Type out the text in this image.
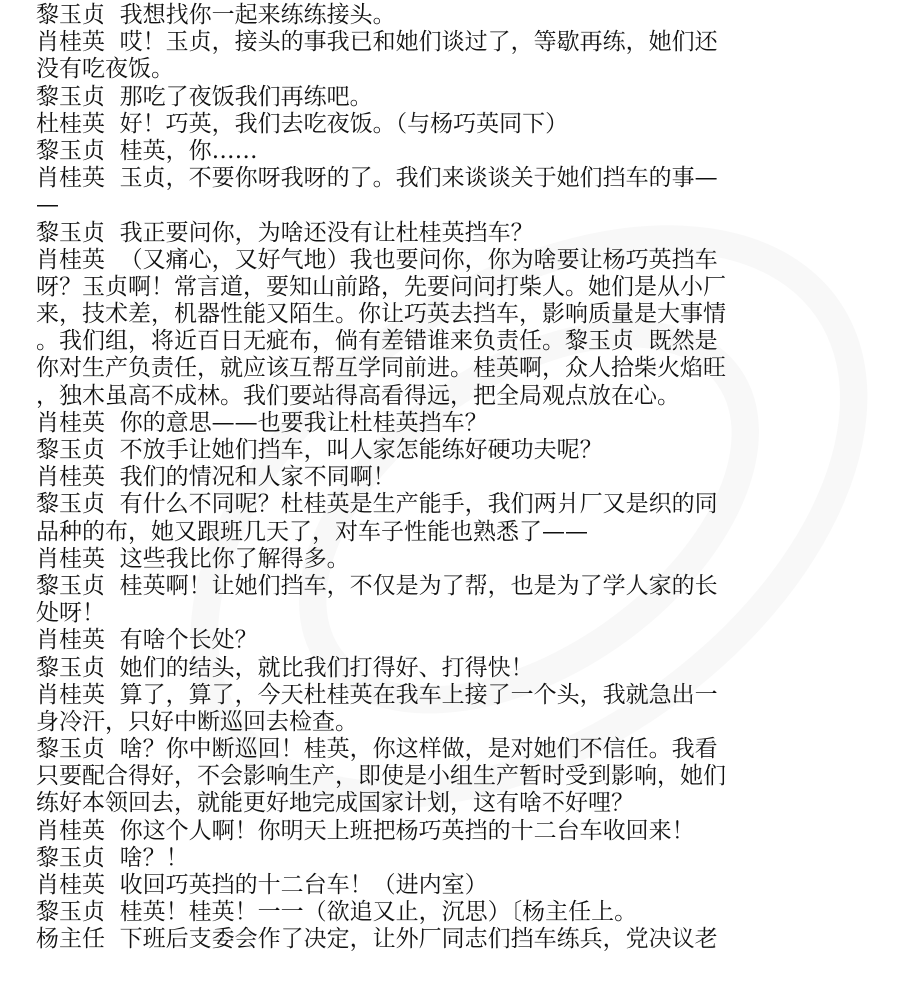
黎玉贞  我想找你一起来练练接头。
肖桂英  哎！玉贞，接头的事我已和她们谈过了，等歇再练，她们还
没有吃夜饭。
黎玉贞  那吃了夜饭我们再练吧。
杜桂英  好！巧英，我们去吃夜饭。（与杨巧英同下）
黎玉贞  桂英，你……
肖桂英  玉贞，不要你呀我呀的了。我们来谈谈关于她们挡车的事—
—
黎玉贞  我正要问你，为啥还没有让杜桂英挡车？
肖桂英  （又痛心，又好气地）我也要问你，你为啥要让杨巧英挡车
呀？玉贞啊！常言道，要知山前路，先要问问打柴人。她们是从小厂
来，技术差，机器性能又陌生。你让巧英去挡车，影响质量是大事情
。我们组，将近百日无疵布，倘有差错谁来负责任。黎玉贞  既然是
你对生产负责任，就应该互帮互学同前进。桂英啊，众人拾柴火焰旺
，独木虽高不成林。我们要站得高看得远，把全局观点放在心。
肖桂英  你的意思——也要我让杜桂英挡车？
黎玉贞  不放手让她们挡车，叫人家怎能练好硬功夫呢？
肖桂英  我们的情况和人家不同啊！
黎玉贞  有什么不同呢？杜桂英是生产能手，我们两爿厂又是织的同
品种的布，她又跟班几天了，对车子性能也熟悉了——
肖桂英  这些我比你了解得多。
黎玉贞  桂英啊！让她们挡车，不仅是为了帮，也是为了学人家的长
处呀！
肖桂英  有啥个长处？
黎玉贞  她们的结头，就比我们打得好、打得快！
肖桂英  算了，算了，今天杜桂英在我车上接了一个头，我就急出一
身冷汗，只好中断巡回去检查。
黎玉贞  啥？你中断巡回！桂英，你这样做，是对她们不信任。我看
只要配合得好，不会影响生产，即使是小组生产暂时受到影响，她们
练好本领回去，就能更好地完成国家计划，这有啥不好哩？
肖桂英  你这个人啊！你明天上班把杨巧英挡的十二台车收回来！
黎玉贞  啥？！
肖桂英  收回巧英挡的十二台车！（进内室）
黎玉贞  桂英！桂英！一一（欲追又止，沉思）〔杨主任上。
杨主任  下班后支委会作了决定，让外厂同志们挡车练兵，党决议老
